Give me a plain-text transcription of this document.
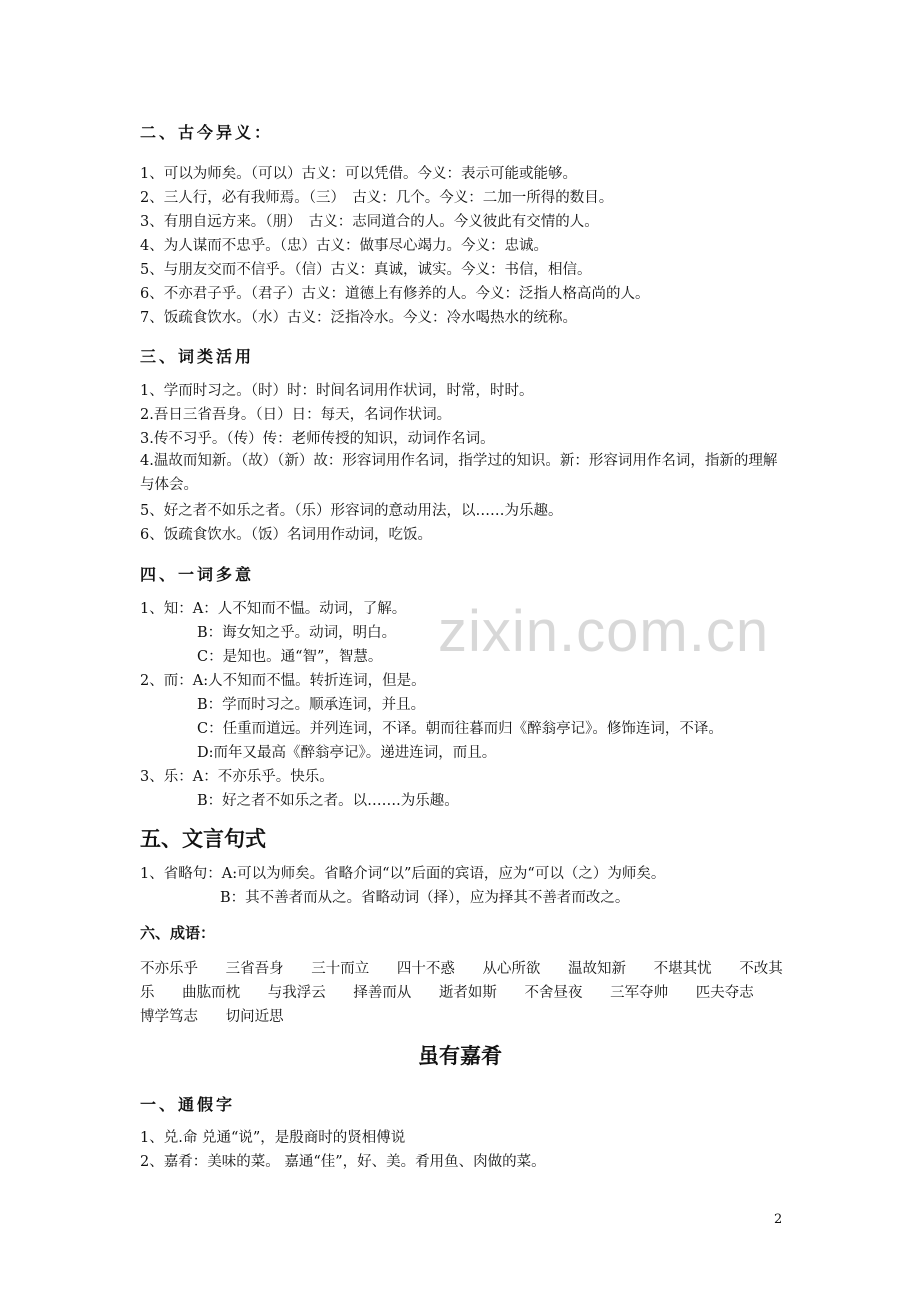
zixin.com.cn
二、古今异义：
1、可以为师矣。（可以）古义：可以凭借。今义：表示可能或能够。
2、三人行，必有我师焉。（三）　古义：几个。今义：二加一所得的数目。
3、有朋自远方来。（朋）　古义：志同道合的人。今义彼此有交情的人。
4、为人谋而不忠乎。（忠）古义：做事尽心竭力。今义：忠诚。
5、与朋友交而不信乎。（信）古义：真诚，诚实。今义：书信，相信。
6、不亦君子乎。（君子）古义：道德上有修养的人。今义：泛指人格高尚的人。
7、饭疏食饮水。（水）古义：泛指冷水。今义：冷水喝热水的统称。
三、词类活用
1、学而时习之。（时）时：时间名词用作状词，时常，时时。
2.吾日三省吾身。（日）日：每天，名词作状词。
3.传不习乎。（传）传：老师传授的知识，动词作名词。
4.温故而知新。（故）（新）故：形容词用作名词，指学过的知识。新：形容词用作名词，指新的理解与体会。
5、好之者不如乐之者。（乐）形容词的意动用法，以……为乐趣。
6、饭疏食饮水。（饭）名词用作动词，吃饭。
四、一词多意
1、知：A：人不知而不愠。动词，了解。
B：诲女知之乎。动词，明白。
C：是知也。通“智”，智慧。
2、而：A:人不知而不愠。转折连词，但是。
B：学而时习之。顺承连词，并且。
C：任重而道远。并列连词，不译。朝而往暮而归《醉翁亭记》。修饰连词，不译。
D:而年又最高《醉翁亭记》。递进连词，而且。
3、乐：A：不亦乐乎。快乐。
B：好之者不如乐之者。以…….为乐趣。
五、文言句式
1、省略句：A:可以为师矣。省略介词“以”后面的宾语，应为“可以（之）为师矣。
B：其不善者而从之。省略动词（择），应为择其不善者而改之。
六、成语：
不亦乐乎 三省吾身 三十而立 四十不惑 从心所欲 温故知新 不堪其忧 不改其乐 曲肱而枕 与我浮云 择善而从 逝者如斯 不舍昼夜 三军夺帅 匹夫夺志 博学笃志 切问近思
虽有嘉肴
一、通假字
1、兑.命 兑通“说”，是殷商时的贤相傅说
2、嘉肴：美味的菜。 嘉通“佳”，好、美。肴用鱼、肉做的菜。
2
